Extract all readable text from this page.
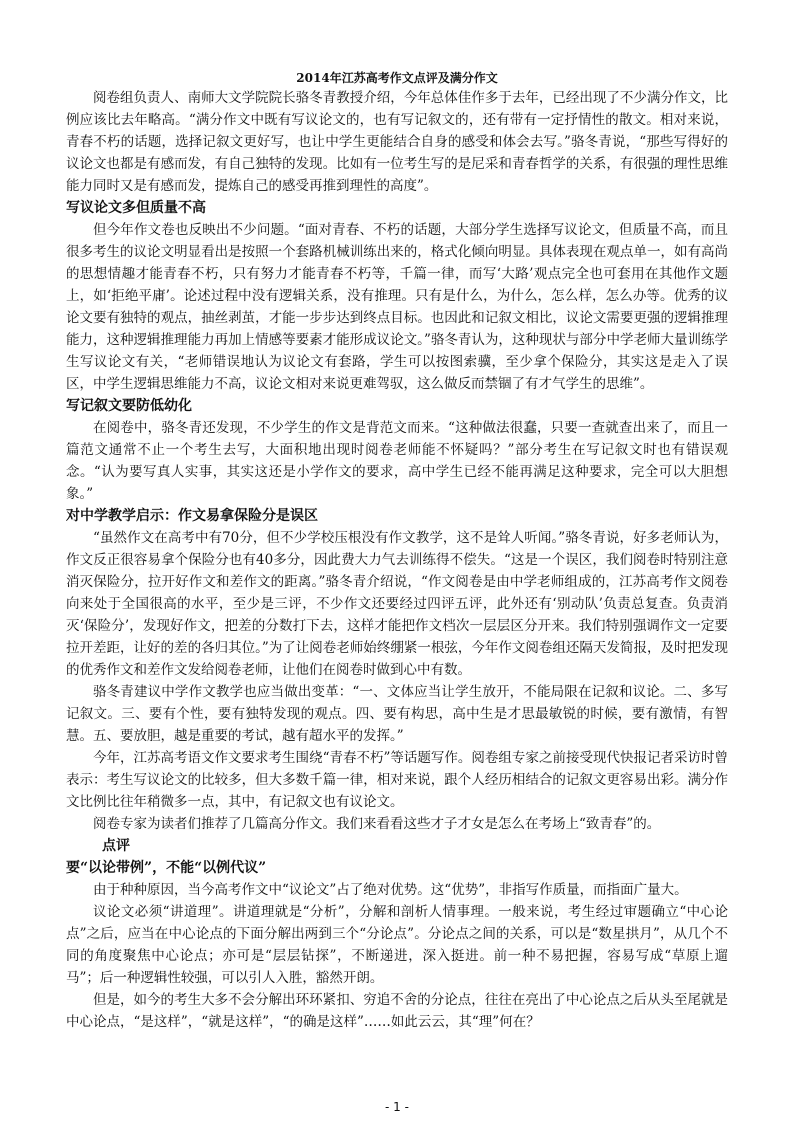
2014年江苏高考作文点评及满分作文

阅卷组负责人、南师大文学院院长骆冬青教授介绍，今年总体佳作多于去年，已经出现了不少满分作文，比例应该比去年略高。“满分作文中既有写议论文的，也有写记叙文的，还有带有一定抒情性的散文。相对来说，青春不朽的话题，选择记叙文更好写，也让中学生更能结合自身的感受和体会去写。”骆冬青说，“那些写得好的议论文也都是有感而发，有自己独特的发现。比如有一位考生写的是尼采和青春哲学的关系，有很强的理性思维能力同时又是有感而发，提炼自己的感受再推到理性的高度”。

写议论文多但质量不高

但今年作文卷也反映出不少问题。“面对青春、不朽的话题，大部分学生选择写议论文，但质量不高，而且很多考生的议论文明显看出是按照一个套路机械训练出来的，格式化倾向明显。具体表现在观点单一，如有高尚的思想情趣才能青春不朽，只有努力才能青春不朽等，千篇一律，而写‘大路’观点完全也可套用在其他作文题上，如‘拒绝平庸’。论述过程中没有逻辑关系，没有推理。只有是什么，为什么，怎么样，怎么办等。优秀的议论文要有独特的观点，抽丝剥茧，才能一步步达到终点目标。也因此和记叙文相比，议论文需要更强的逻辑推理能力，这种逻辑推理能力再加上情感等要素才能形成议论文。”骆冬青认为，这种现状与部分中学老师大量训练学生写议论文有关，“老师错误地认为议论文有套路，学生可以按图索骥，至少拿个保险分，其实这是走入了误区，中学生逻辑思维能力不高，议论文相对来说更难驾驭，这么做反而禁锢了有才气学生的思维”。

写记叙文要防低幼化

在阅卷中，骆冬青还发现，不少学生的作文是背范文而来。“这种做法很蠢，只要一查就查出来了，而且一篇范文通常不止一个考生去写，大面积地出现时阅卷老师能不怀疑吗？”部分考生在写记叙文时也有错误观念。“认为要写真人实事，其实这还是小学作文的要求，高中学生已经不能再满足这种要求，完全可以大胆想象。”

对中学教学启示：作文易拿保险分是误区

“虽然作文在高考中有70分，但不少学校压根没有作文教学，这不是耸人听闻。”骆冬青说，好多老师认为，作文反正很容易拿个保险分也有40多分，因此费大力气去训练得不偿失。“这是一个误区，我们阅卷时特别注意消灭保险分，拉开好作文和差作文的距离。”骆冬青介绍说，“作文阅卷是由中学老师组成的，江苏高考作文阅卷向来处于全国很高的水平，至少是三评，不少作文还要经过四评五评，此外还有‘别动队’负责总复查。负责消灭‘保险分’，发现好作文，把差的分数打下去，这样才能把作文档次一层层区分开来。我们特别强调作文一定要拉开差距，让好的差的各归其位。”为了让阅卷老师始终绷紧一根弦，今年作文阅卷组还隔天发简报，及时把发现的优秀作文和差作文发给阅卷老师，让他们在阅卷时做到心中有数。

骆冬青建议中学作文教学也应当做出变革：“一、文体应当让学生放开，不能局限在记叙和议论。二、多写记叙文。三、要有个性，要有独特发现的观点。四、要有构思，高中生是才思最敏锐的时候，要有激情，有智慧。五、要放胆，越是重要的考试，越有超水平的发挥。”

今年，江苏高考语文作文要求考生围绕“青春不朽”等话题写作。阅卷组专家之前接受现代快报记者采访时曾表示：考生写议论文的比较多，但大多数千篇一律，相对来说，跟个人经历相结合的记叙文更容易出彩。满分作文比例比往年稍微多一点，其中，有记叙文也有议论文。

阅卷专家为读者们推荐了几篇高分作文。我们来看看这些才子才女是怎么在考场上“致青春”的。

点评
要“以论带例”，不能“以例代议”

由于种种原因，当今高考作文中“议论文”占了绝对优势。这“优势”，非指写作质量，而指面广量大。

议论文必须“讲道理”。讲道理就是“分析”，分解和剖析人情事理。一般来说，考生经过审题确立“中心论点”之后，应当在中心论点的下面分解出两到三个“分论点”。分论点之间的关系，可以是“数星拱月”，从几个不同的角度聚焦中心论点；亦可是“层层钻探”，不断递进，深入挺进。前一种不易把握，容易写成“草原上遛马”；后一种逻辑性较强，可以引人入胜，豁然开朗。

但是，如今的考生大多不会分解出环环紧扣、穷追不舍的分论点，往往在亮出了中心论点之后从头至尾就是中心论点，“是这样”，“就是这样”，“的确是这样”……如此云云，其“理”何在？

- 1 -
